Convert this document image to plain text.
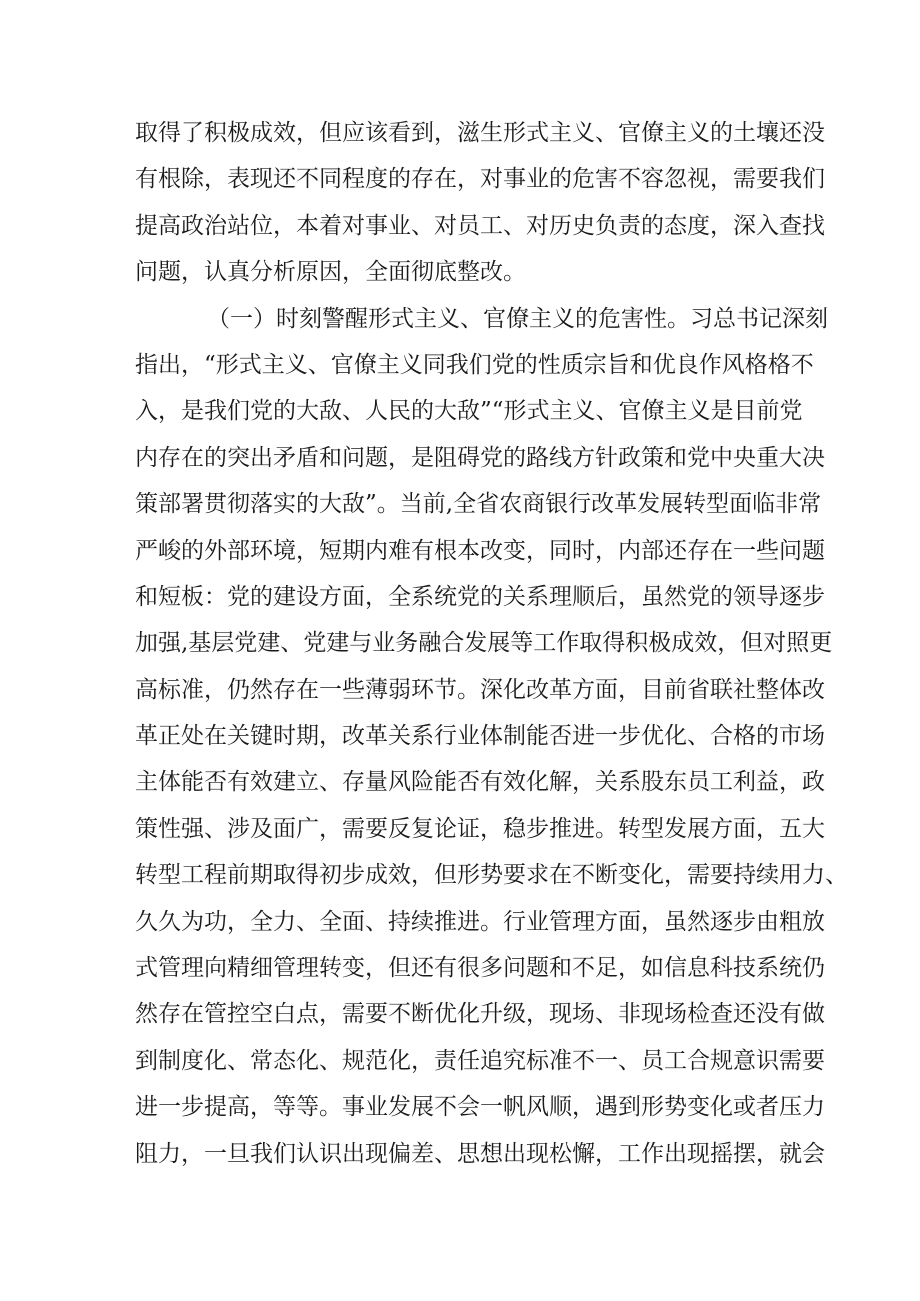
取得了积极成效，但应该看到，滋生形式主义、官僚主义的土壤还没
有根除，表现还不同程度的存在，对事业的危害不容忽视，需要我们
提高政治站位，本着对事业、对员工、对历史负责的态度，深入查找
问题，认真分析原因，全面彻底整改。
（一）时刻警醒形式主义、官僚主义的危害性。习总书记深刻
指出，“形式主义、官僚主义同我们党的性质宗旨和优良作风格格不
入，是我们党的大敌、人民的大敌”“形式主义、官僚主义是目前党
内存在的突出矛盾和问题，是阻碍党的路线方针政策和党中央重大决
策部署贯彻落实的大敌”。当前,全省农商银行改革发展转型面临非常
严峻的外部环境，短期内难有根本改变，同时，内部还存在一些问题
和短板：党的建设方面，全系统党的关系理顺后，虽然党的领导逐步
加强,基层党建、党建与业务融合发展等工作取得积极成效，但对照更
高标准，仍然存在一些薄弱环节。深化改革方面，目前省联社整体改
革正处在关键时期，改革关系行业体制能否进一步优化、合格的市场
主体能否有效建立、存量风险能否有效化解，关系股东员工利益，政
策性强、涉及面广，需要反复论证，稳步推进。转型发展方面，五大
转型工程前期取得初步成效，但形势要求在不断变化，需要持续用力、
久久为功，全力、全面、持续推进。行业管理方面，虽然逐步由粗放
式管理向精细管理转变，但还有很多问题和不足，如信息科技系统仍
然存在管控空白点，需要不断优化升级，现场、非现场检查还没有做
到制度化、常态化、规范化，责任追究标准不一、员工合规意识需要
进一步提高，等等。事业发展不会一帆风顺，遇到形势变化或者压力
阻力，一旦我们认识出现偏差、思想出现松懈，工作出现摇摆，就会
